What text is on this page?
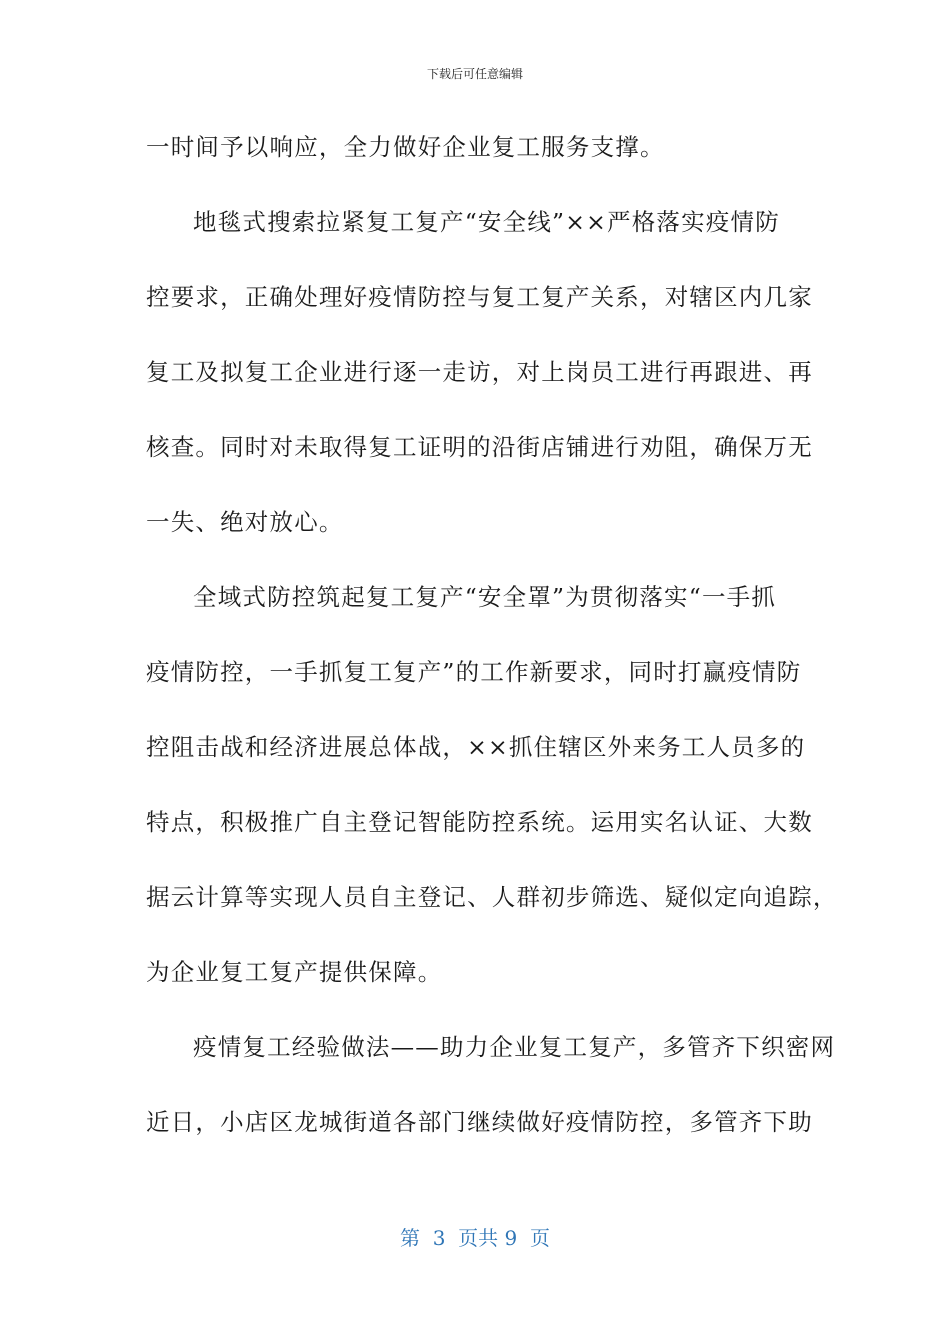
下载后可任意编辑
一时间予以响应，全力做好企业复工服务支撑。
地毯式搜索拉紧复工复产“安全线”××严格落实疫情防
控要求，正确处理好疫情防控与复工复产关系，对辖区内几家
复工及拟复工企业进行逐一走访，对上岗员工进行再跟进、再
核查。同时对未取得复工证明的沿街店铺进行劝阻，确保万无
一失、绝对放心。
全域式防控筑起复工复产“安全罩”为贯彻落实“一手抓
疫情防控，一手抓复工复产”的工作新要求，同时打赢疫情防
控阻击战和经济进展总体战，××抓住辖区外来务工人员多的
特点，积极推广自主登记智能防控系统。运用实名认证、大数
据云计算等实现人员自主登记、人群初步筛选、疑似定向追踪，
为企业复工复产提供保障。
疫情复工经验做法——助力企业复工复产，多管齐下织密网
近日，小店区龙城街道各部门继续做好疫情防控，多管齐下助
第  3  页共 9  页
